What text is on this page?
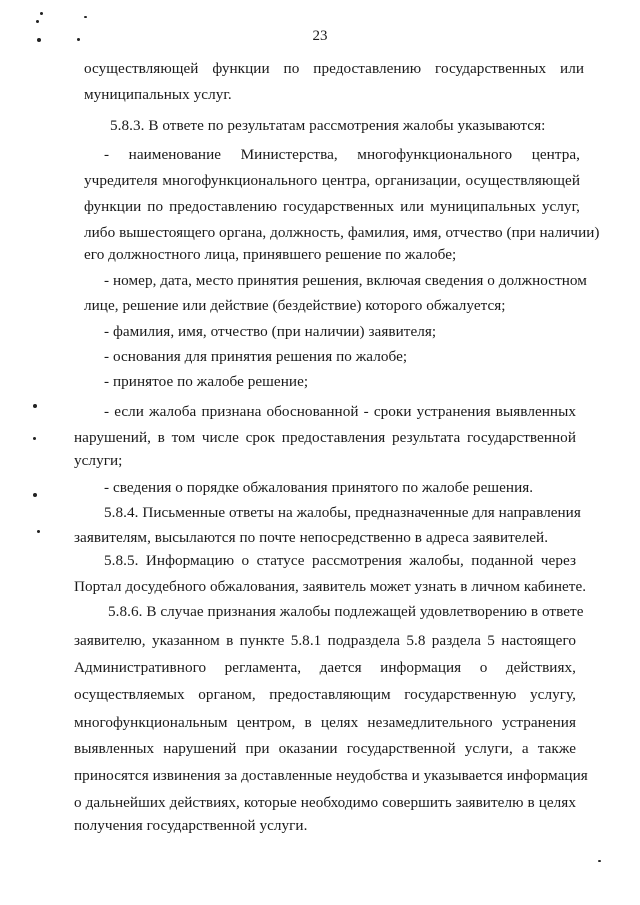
23
осуществляющей функции по предоставлению государственных или
муниципальных услуг.
5.8.3. В ответе по результатам рассмотрения жалобы указываются:
- наименование Министерства, многофункционального центра,
учредителя многофункционального центра, организации, осуществляющей
функции по предоставлению государственных или муниципальных услуг,
либо вышестоящего органа, должность, фамилия, имя, отчество (при наличии)
его должностного лица, принявшего решение по жалобе;
- номер, дата, место принятия решения, включая сведения о должностном
лице, решение или действие (бездействие) которого обжалуется;
- фамилия, имя, отчество (при наличии) заявителя;
- основания для принятия решения по жалобе;
- принятое по жалобе решение;
- если жалоба признана обоснованной - сроки устранения выявленных
нарушений, в том числе срок предоставления результата государственной
услуги;
- сведения о порядке обжалования принятого по жалобе решения.
5.8.4. Письменные ответы на жалобы, предназначенные для направления
заявителям, высылаются по почте непосредственно в адреса заявителей.
5.8.5. Информацию о статусе рассмотрения жалобы, поданной через
Портал досудебного обжалования, заявитель может узнать в личном кабинете.
5.8.6. В случае признания жалобы подлежащей удовлетворению в ответе
заявителю, указанном в пункте 5.8.1 подраздела 5.8 раздела 5 настоящего
Административного регламента, дается информация о действиях,
осуществляемых органом, предоставляющим государственную услугу,
многофункциональным центром, в целях незамедлительного устранения
выявленных нарушений при оказании государственной услуги, а также
приносятся извинения за доставленные неудобства и указывается информация
о дальнейших действиях, которые необходимо совершить заявителю в целях
получения государственной услуги.
